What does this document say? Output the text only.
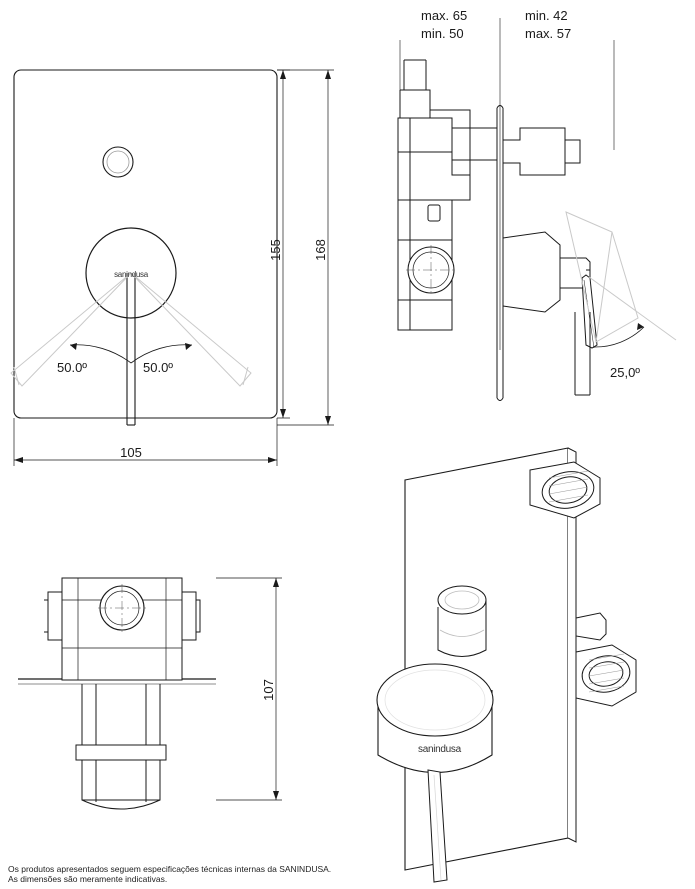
50.0º	50.0º
sanindusa
155 168
105
max. 65
min. 50
min. 42
max. 57
25,0º
107
sanindusa
Os produtos apresentados seguem especificações técnicas internas da SANINDUSA.
As dimensões são meramente indicativas.
